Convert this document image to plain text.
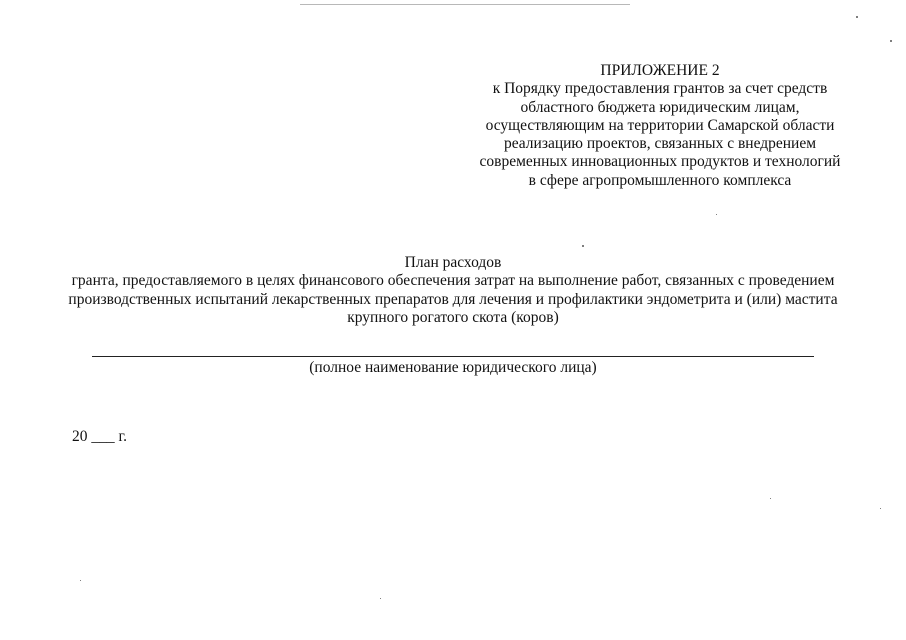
ПРИЛОЖЕНИЕ 2
к Порядку предоставления грантов за счет средств
областного бюджета юридическим лицам,
осуществляющим на территории Самарской области
реализацию проектов, связанных с внедрением
современных инновационных продуктов и технологий
в сфере агропромышленного комплекса
План расходов
гранта, предоставляемого в целях финансового обеспечения затрат на выполнение работ, связанных с проведением
производственных испытаний лекарственных препаратов для лечения и профилактики эндометрита и (или) мастита
крупного рогатого скота (коров)
(полное наименование юридического лица)
20 ___ г.
